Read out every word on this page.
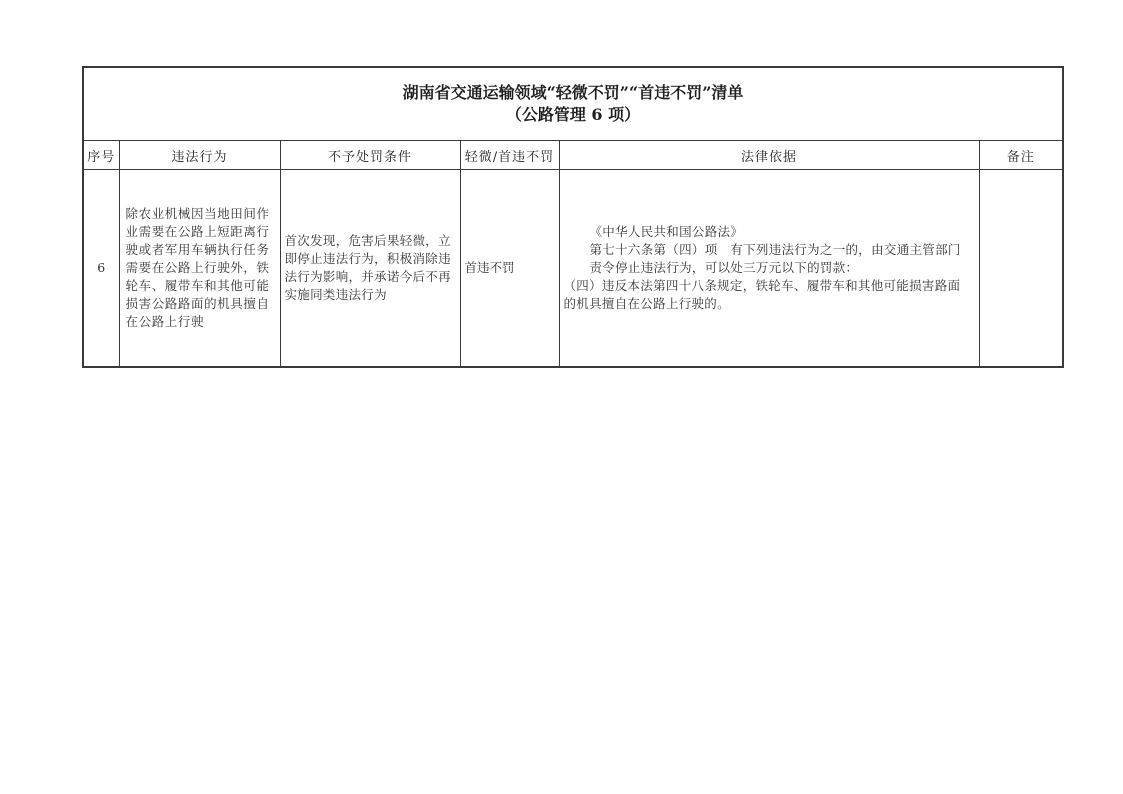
湖南省交通运输领域“轻微不罚”“首违不罚”清单
（公路管理 6 项）
序号	违法行为	不予处罚条件	轻微/首违不罚	法律依据	备注
6	除农业机械因当地田间作业需要在公路上短距离行驶或者军用车辆执行任务需要在公路上行驶外，铁轮车、履带车和其他可能损害公路路面的机具擅自在公路上行驶	首次发现，危害后果轻微，立即停止违法行为，积极消除违法行为影响，并承诺今后不再实施同类违法行为	首违不罚	《中华人民共和国公路法》
第七十六条第（四）项　有下列违法行为之一的，由交通主管部门责令停止违法行为，可以处三万元以下的罚款：
（四）违反本法第四十八条规定，铁轮车、履带车和其他可能损害路面的机具擅自在公路上行驶的。	
